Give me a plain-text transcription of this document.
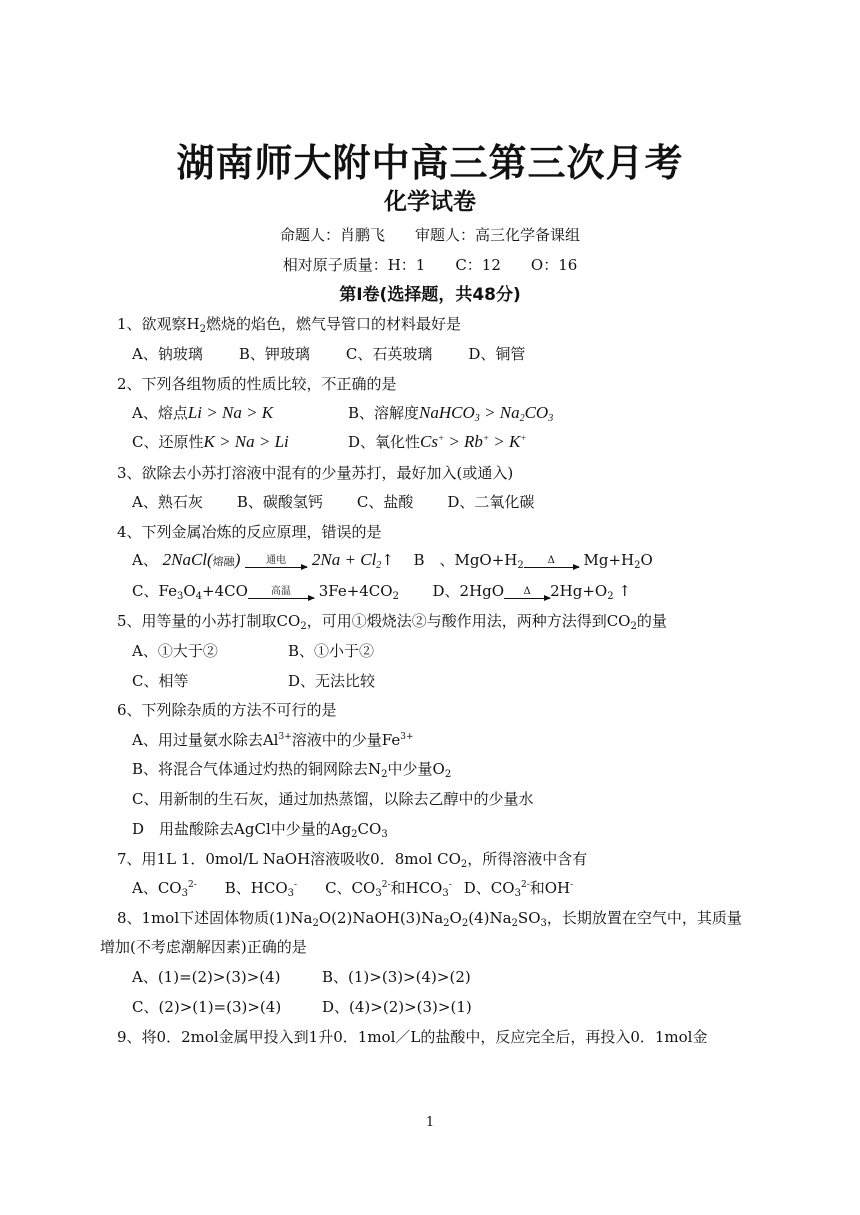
湖南师大附中高三第三次月考
化学试卷
命题人：肖鹏飞　　审题人：高三化学备课组
相对原子质量：H：1　　C：12　　O：16
第Ⅰ卷(选择题，共48分)
1、欲观察$H_2$燃烧的焰色，燃气导管口的材料最好是
A、钠玻璃 B、钾玻璃 C、石英玻璃 D、铜管
2、下列各组物质的性质比较，不正确的是
A、熔点Li > Na > K	B、溶解度NaHCO$_3$ > $Na_2CO_3$
C、还原性K > Na > Li	D、氧化性Cs+ > Rb+ > K+
3、欲除去小苏打溶液中混有的少量苏打，最好加入(或通入)
A、熟石灰 B、碳酸氢钙 C、盐酸 D、二氧化碳
4、下列金属冶炼的反应原理，错误的是
A、 2NaCl(熔融)	通电	$2Na + Cl_2↑$ B　、$MgO+H_2$	Δ	$Mg+H_2O$
C、$Fe_3O_4+4CO$	高温	$3Fe+4CO_2$ D、2HgO	Δ	$2Hg+O_2$ ↑
5、用等量的小苏打制取$CO_2$，可用①煅烧法②与酸作用法，两种方法得到$CO_2$的量
A、①大于②	B、①小于②
C、相等	D、无法比较
6、下列除杂质的方法不可行的是
A、用过量氨水除去$Al^{3+}$溶液中的少量$Fe^{3+}$
B、将混合气体通过灼热的铜网除去$N_2$中少量$O_2$
C、用新制的生石灰，通过加热蒸馏，以除去乙醇中的少量水
D　用盐酸除去AgCl中少量的$Ag_2CO_3$
7、用1L 1．0mol/L NaOH溶液吸收0．8mol $CO_2$，所得溶液中含有
A、$CO_3^{2-}$ B、$HCO_3^-$ C、$CO_3^{2-}$和$HCO_3^-$ D、$CO_3^{2-}$和OH-
8、1mol下述固体物质$(1)Na_2O(2)NaOH(3)Na_2O_2(4)Na_2SO_3$，长期放置在空气中，其质量
增加(不考虑潮解因素)正确的是
A、(1)=(2)>(3)>(4)	B、(1)>(3)>(4)>(2)
C、(2)>(1)=(3)>(4)	D、(4)>(2)>(3)>(1)
9、将0．2mol金属甲投入到1升0．1mol／L的盐酸中，反应完全后，再投入0．1mol金
1
